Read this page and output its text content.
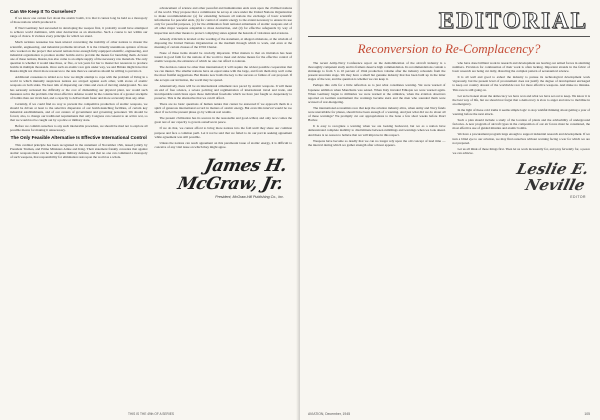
Can We Keep It To Ourselves?
If we know one certain fact about the atomic bomb, it is that it cannot long be held as a monopoly of those nations which produced it.
If Nazi Germany had succeeded in developing the weapon first, it probably would have attempted to achieve world dominion, with utter destruction as an alternative. Such a course is not within our range of choice. It violates every principle for which we stand.
Much reckless nonsense has been uttered concerning the inability of other nations to master the scientific, engineering, and industrial problems involved. It is the virtually unanimous opinion of those who worked on the project that several nations have enough fully equipped scientific, engineering, and industrial organization to produce atomic bombs and to provide the means for launching them. At least one of these nations, Russia, has also come to an ample supply of the necessary raw materials. The only question is whether it would take three, or five, or ten years for her to master her resources to produce bombs in multiple thousands. Once such an atomic race gets under way, we and Britain might have that Russia might not divert more resources to the task than we ourselves should be willing to put into it.
Additional consensus is tabled as to how we might attempt to cope with the problem of living in a world in which mutually suspicious nations are arrayed against each other, with stores of atomic weapons on both sides. We hear talk of dispersing our cities and even of moving underground. No one has seriously reckoned the difficulty or the cost of dismantling our physical plant, nor would such measures solve the problem. Our most effective defense would be the construction of a greater stockpile of bombs than our rivals had, and a capacity to deliver them faster and more accurately than any other.
Certainly, if we could find no way to prevent the competitive production of atomic weapons, we should be driven at least to the selective dispersion of our bomb-launching facilities, of certain key industrial establishments, and of our centers of government and governing personnel. We should be forced, also, to change our traditional requirements that only Congress can consent to an active war, so that we would not be caught out by a police or military state.
Before we commit ourselves to any such intolerable procedure, we should be mad not to explore all possible means for making it unnecessary.
The Only Feasible Alternative Is Effective International Control
This cardinal principle has been recognized in the statement of November 15th, issued jointly by President Truman, and Prime Ministers Attlee and King. Their statement frankly concedes that against atomic weapons there can be no adequate military defense, and that no one can command a monopoly of such weapons, that responsibility for elimination rests upon the world as a whole.
advancement of science and other peaceful and humanitarian ends rests upon the civilized nations of the world. They propose that a commission be set up at once under the United Nations Organization to make recommendations: (a) for extending between all nations the exchange of basic scientific information for peaceful ends, (b) for control of atomic energy to the extent necessary to ensure its use only for peaceful purposes, (c) for the elimination from national armaments of atomic weapons and of all other major weapons adaptable to mass destruction, and (d) for effective safeguards by way of inspection and other means to protect complying states against the hazards of violations and evasions.
Already criticism is leveled at the wording of the statement, at alleged omissions, at the wisdom of disposing the United Nations Organization as the medium through which to work, and even at the meaning of certain clauses of the UNO Charter.
None of these items should be crucially important. What matters is that an invitation has been issued in good faith for the nations of the world to meet and devise means for the effective control of atomic weapons, the existence of which no one can afford to tolerate.
The decision cannot be other than international; it will require the widest possible cooperation that we can muster. The smaller nations have an equal stake with the large, and from them may well come the most fruitful suggestions. But Russia now holds the key to the success or failure of our proposal. If she accepts our invitation, the world may be spared.
Alternatively, there will be an international armament race paced by atomic weapons. It will mean an end of free science, a severe policing and regimentation of international travel and trade, and incomparable restrictions upon those individual freedoms which we have just fought so desperately to preserve. This is the alternative that we can ill afford.
There are no basic questions of human nature that cannot be answered if we approach them in a spirit of generous international accord in matters of atomic energy. But even this interval would be too short if we let the present phase go by without real results.
The present civilization has its sources in the reasonable and good-willed, and only now comes the great test of our capacity to govern ourselves in peace.
If we do that, we cannot afford to bring more nations into the fold until they share our common purpose and face a common peril. Let it not be said that we failed to do our part in seeking agreement while agreement was still possible.
Unless the nations can reach agreement on this paramount issue of atomic energy, it is difficult to conceive of any vital issue on which they might agree.
James H. McGraw, Jr.
President, McGraw-Hill Publishing Co., Inc.
THIS IS THE 49th OF A SERIES
EDITORIAL
Reconversion to Re-Complacency?
The recent Army-Navy Conference report on the demobilization of the aircraft industry is a thoroughly competent study and its framers deserve high commendation. Its recommendations contain a shrinkage to from 5 to 10 percent of 1944 production volume after the industry rebounds from the present uncertain stage. We may have a small but genuine industry that has been built up in the latter stages of the war, and the question is whether we can keep it.
Perhaps this calls for a little reflection as to just what constitutes warning. We were warned of Japanese ambition when Manchuria was seized. When Italy invaded Ethiopia we were warned again. When Germany began to militarize we were warned at the armistice, when the aviation observers reported on German rearmament the warnings became stern and the men who sounded them were accused of war-mongering.
The international economists race that kept the aviation industry alive, when Army and Navy funds were unavailable for planes, should have been enough of a warning. And just what did we do about all of these warnings? We promptly cut our appropriations to the bone a few short weeks before Pearl Harbor.
It is easy to recognize a warning when we are looking backward, but we as a nation have demonstrated complete inability to discriminate between rumblings and warnings when we look ahead. And there is no reason to believe that we will improve in this respect.
Weapons have become so deadly that we can no longer rely upon the old concept of lead time — the interval during which we gather strength after a threat appears.
who have done brilliant work in research and development are leaving our armed forces in alarming numbers. Provision for continuation of their work is often lacking. Important strands in the fabric of basic research are being cut daily, distorting the complex pattern of aeronautical science.
It is all well and good to exhort the industry to pursue its technological development work vigorously, but the present level of procurement does not justify the degree of development envisaged to keep our country abreast of the worldwide race for more effective weapons. And make no mistake. This race is still going on.
Let us be honest about the democracy we have won and what we have set out to keep. We know it is the best way of life, but we should not forget that a democracy is slow to anger and slow to mobilize in an emergency.
In the light of these cold truths it seems simple logic to stop wishful thinking about getting a year of warning before the next attack.
Such a plan should include a study of the location of plants and the advisability of underground factories. A new program of aircraft types in the composition of our air forces must be considered, the most effective use of guided missiles and atomic bombs.
We have a procurement program large enough to support industrial research and development. If we turn a blind eye to our aviation, we may find ourselves without warning facing a war for which we are not prepared.
Let us all think of these things first. Then let us work incessantly for, and pray fervently for, a peace we can achieve.
Leslie E. Neville
EDITOR
AVIATION, December, 1945	105
